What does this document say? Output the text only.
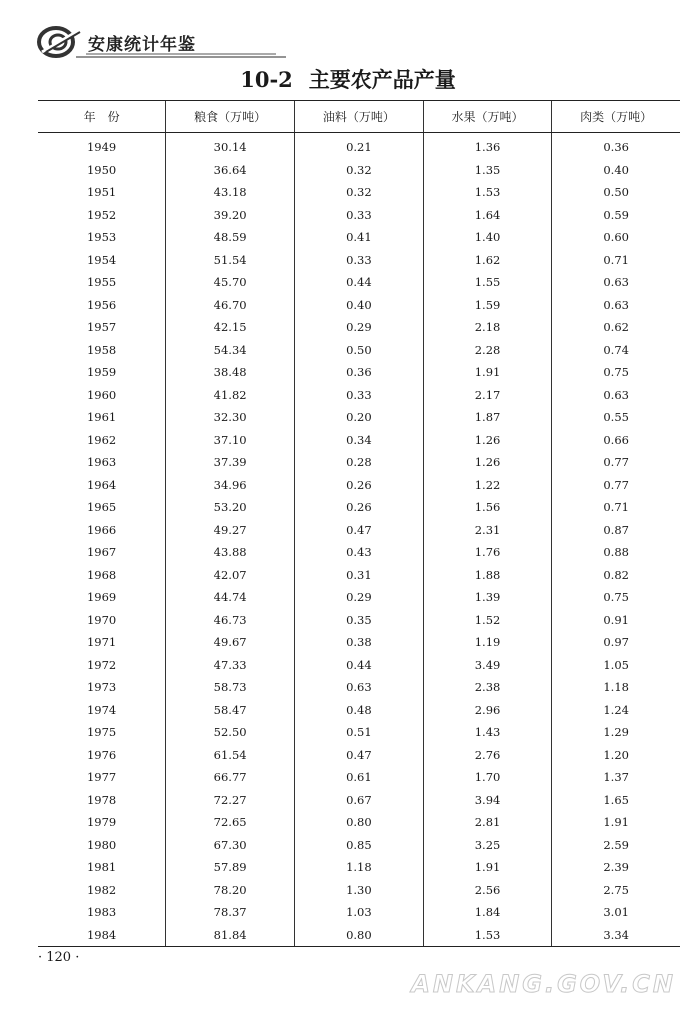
安康统计年鉴
10-2 主要农产品产量
年　份	粮食（万吨）	油料（万吨）	水果（万吨）	肉类（万吨）
1949	30.14	0.21	1.36	0.36
1950	36.64	0.32	1.35	0.40
1951	43.18	0.32	1.53	0.50
1952	39.20	0.33	1.64	0.59
1953	48.59	0.41	1.40	0.60
1954	51.54	0.33	1.62	0.71
1955	45.70	0.44	1.55	0.63
1956	46.70	0.40	1.59	0.63
1957	42.15	0.29	2.18	0.62
1958	54.34	0.50	2.28	0.74
1959	38.48	0.36	1.91	0.75
1960	41.82	0.33	2.17	0.63
1961	32.30	0.20	1.87	0.55
1962	37.10	0.34	1.26	0.66
1963	37.39	0.28	1.26	0.77
1964	34.96	0.26	1.22	0.77
1965	53.20	0.26	1.56	0.71
1966	49.27	0.47	2.31	0.87
1967	43.88	0.43	1.76	0.88
1968	42.07	0.31	1.88	0.82
1969	44.74	0.29	1.39	0.75
1970	46.73	0.35	1.52	0.91
1971	49.67	0.38	1.19	0.97
1972	47.33	0.44	3.49	1.05
1973	58.73	0.63	2.38	1.18
1974	58.47	0.48	2.96	1.24
1975	52.50	0.51	1.43	1.29
1976	61.54	0.47	2.76	1.20
1977	66.77	0.61	1.70	1.37
1978	72.27	0.67	3.94	1.65
1979	72.65	0.80	2.81	1.91
1980	67.30	0.85	3.25	2.59
1981	57.89	1.18	1.91	2.39
1982	78.20	1.30	2.56	2.75
1983	78.37	1.03	1.84	3.01
1984	81.84	0.80	1.53	3.34
· 120 ·
ANKANG.GOV.CN
